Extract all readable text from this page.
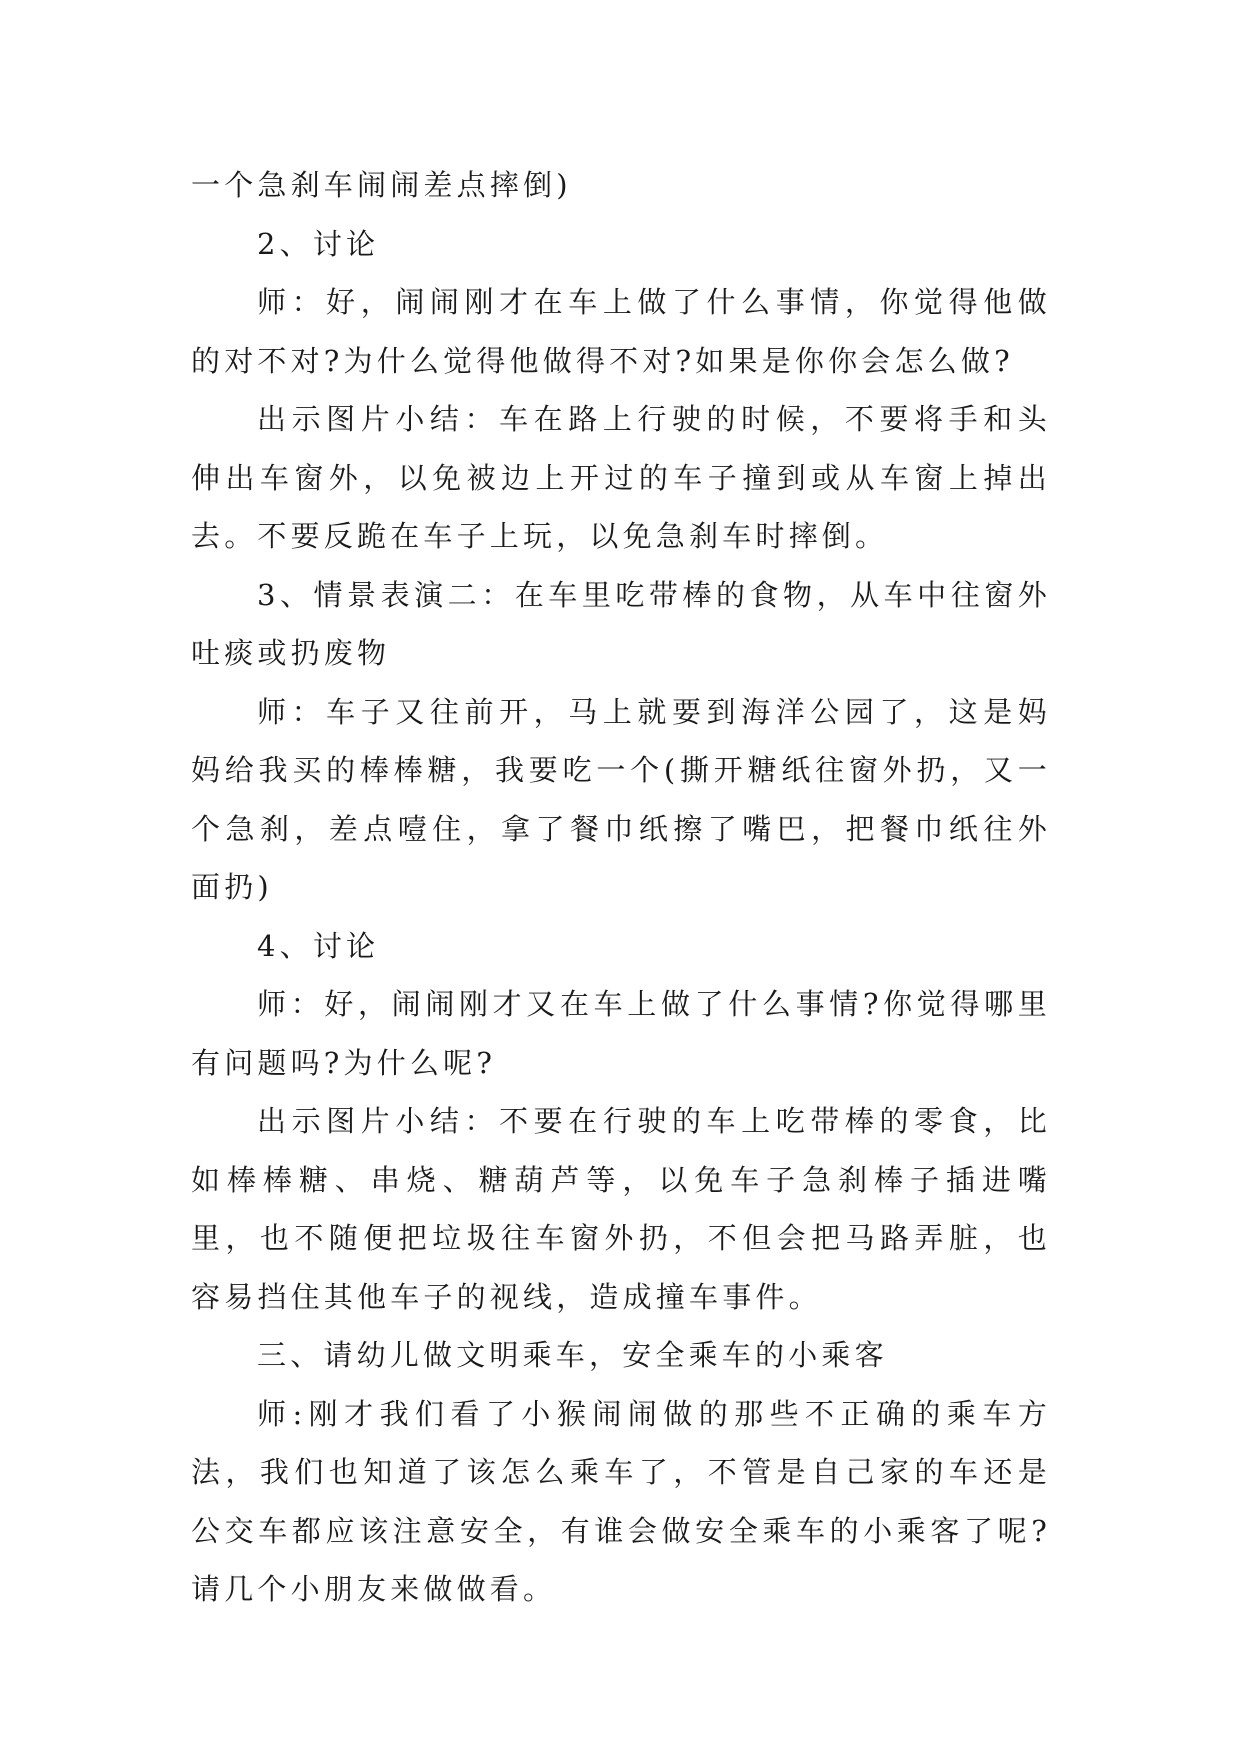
一个急刹车闹闹差点摔倒)

2、讨论

师：好，闹闹刚才在车上做了什么事情，你觉得他做的对不对?为什么觉得他做得不对?如果是你你会怎么做?

出示图片小结：车在路上行驶的时候，不要将手和头伸出车窗外，以免被边上开过的车子撞到或从车窗上掉出去。不要反跪在车子上玩，以免急刹车时摔倒。

3、情景表演二：在车里吃带棒的食物，从车中往窗外吐痰或扔废物

师：车子又往前开，马上就要到海洋公园了，这是妈妈给我买的棒棒糖，我要吃一个(撕开糖纸往窗外扔，又一个急刹，差点噎住，拿了餐巾纸擦了嘴巴，把餐巾纸往外面扔)

4、讨论

师：好，闹闹刚才又在车上做了什么事情?你觉得哪里有问题吗?为什么呢?

出示图片小结：不要在行驶的车上吃带棒的零食，比如棒棒糖、串烧、糖葫芦等，以免车子急刹棒子插进嘴里，也不随便把垃圾往车窗外扔，不但会把马路弄脏，也容易挡住其他车子的视线，造成撞车事件。

三、请幼儿做文明乘车，安全乘车的小乘客

师:刚才我们看了小猴闹闹做的那些不正确的乘车方法，我们也知道了该怎么乘车了，不管是自己家的车还是公交车都应该注意安全，有谁会做安全乘车的小乘客了呢?请几个小朋友来做做看。
